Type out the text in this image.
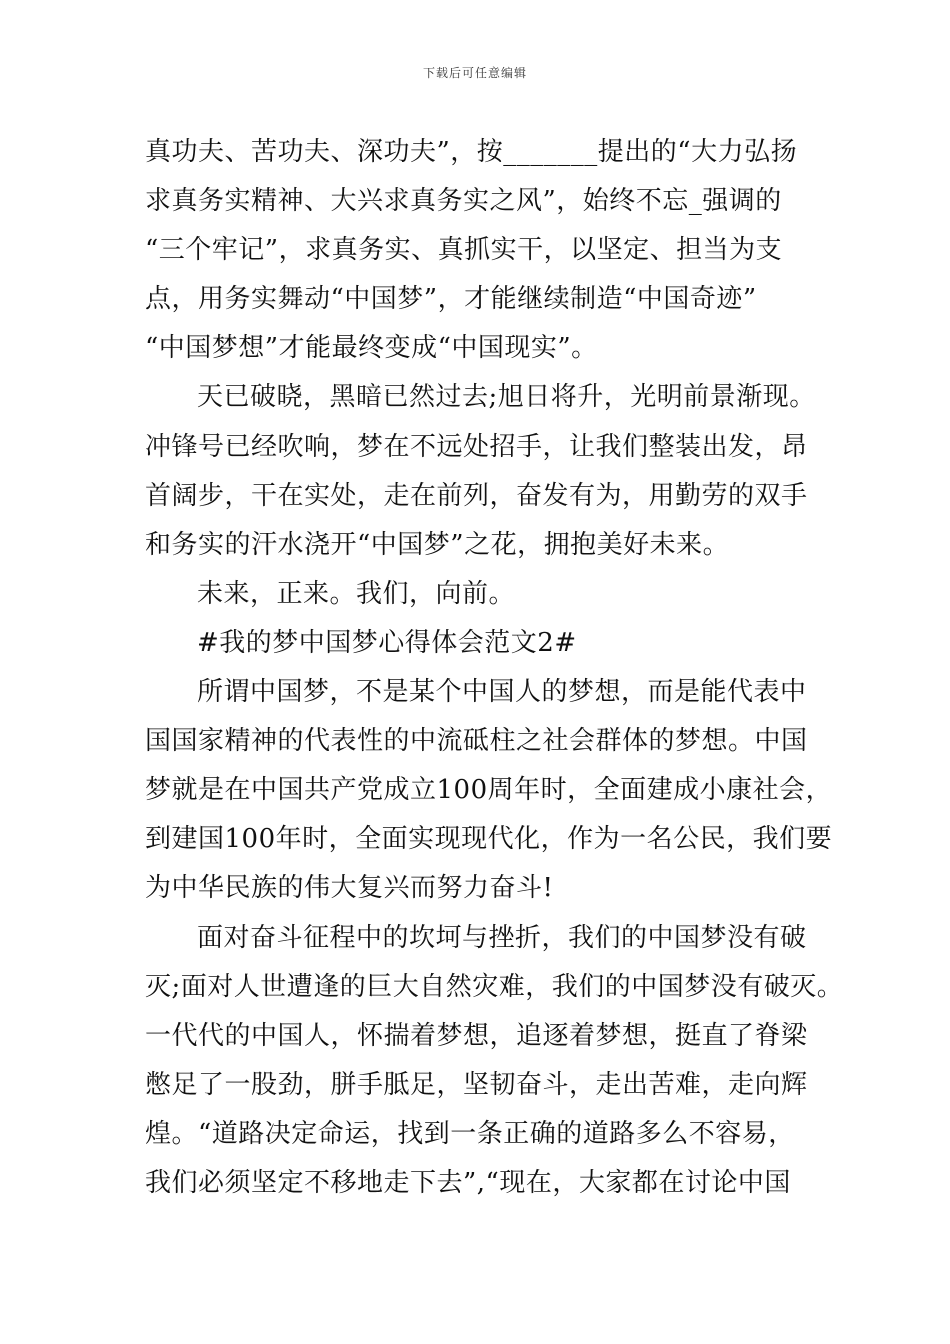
下载后可任意编辑
真功夫、苦功夫、深功夫”，按_______提出的“大力弘扬
求真务实精神、大兴求真务实之风”，始终不忘_强调的
“三个牢记”，求真务实、真抓实干，以坚定、担当为支
点，用务实舞动“中国梦”，才能继续制造“中国奇迹”
“中国梦想”才能最终变成“中国现实”。
天已破晓，黑暗已然过去;旭日将升，光明前景渐现。
冲锋号已经吹响，梦在不远处招手，让我们整装出发，昂
首阔步，干在实处，走在前列，奋发有为，用勤劳的双手
和务实的汗水浇开“中国梦”之花，拥抱美好未来。
未来，正来。我们，向前。
#我的梦中国梦心得体会范文2#
所谓中国梦，不是某个中国人的梦想，而是能代表中
国国家精神的代表性的中流砥柱之社会群体的梦想。中国
梦就是在中国共产党成立100周年时，全面建成小康社会，
到建国100年时，全面实现现代化，作为一名公民，我们要
为中华民族的伟大复兴而努力奋斗!
面对奋斗征程中的坎坷与挫折，我们的中国梦没有破
灭;面对人世遭逢的巨大自然灾难，我们的中国梦没有破灭。
一代代的中国人，怀揣着梦想，追逐着梦想，挺直了脊梁
憋足了一股劲，胼手胝足，坚韧奋斗，走出苦难，走向辉
煌。“道路决定命运，找到一条正确的道路多么不容易，
我们必须坚定不移地走下去”,“现在，大家都在讨论中国
